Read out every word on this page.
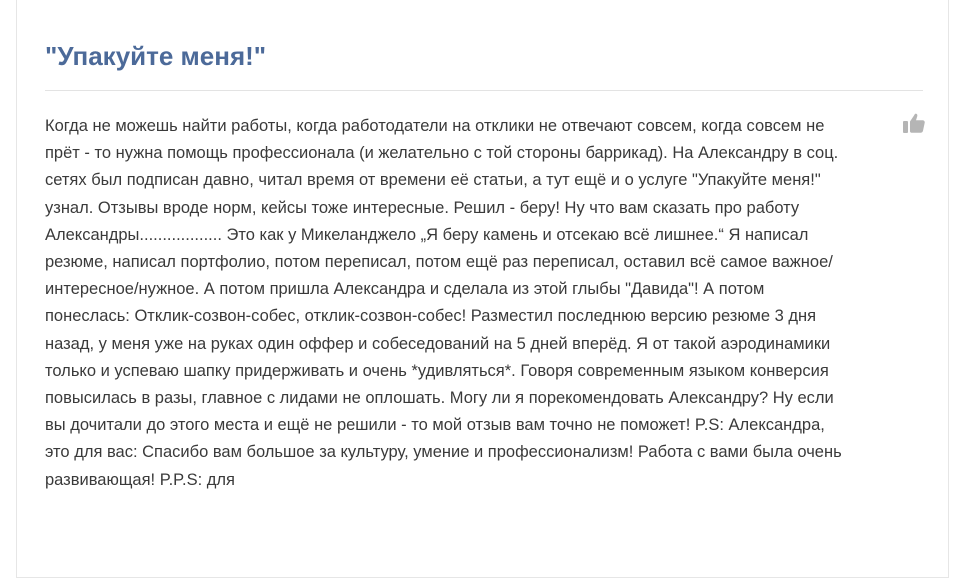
"Упакуйте меня!"

Когда не можешь найти работы, когда работодатели на отклики не отвечают совсем, когда совсем не прёт - то нужна помощь профессионала (и желательно с той стороны баррикад). На Александру в соц. сетях был подписан давно, читал время от времени её статьи, а тут ещё и о услуге "Упакуйте меня!" узнал. Отзывы вроде норм, кейсы тоже интересные. Решил - беру! Ну что вам сказать про работу Александры.................. Это как у Микеланджело „Я беру камень и отсекаю всё лишнее.“ Я написал резюме, написал портфолио, потом переписал, потом ещё раз переписал, оставил всё самое важное/интересное/нужное. А потом пришла Александра и сделала из этой глыбы "Давида"! А потом понеслась: Отклик-созвон-собес, отклик-созвон-собес! Разместил последнюю версию резюме 3 дня назад, у меня уже на руках один оффер и собеседований на 5 дней вперёд. Я от такой аэродинамики только и успеваю шапку придерживать и очень *удивляться*. Говоря современным языком конверсия повысилась в разы, главное с лидами не оплошать. Могу ли я порекомендовать Александру? Ну если вы дочитали до этого места и ещё не решили - то мой отзыв вам точно не поможет! P.S: Александра, это для вас: Спасибо вам большое за культуру, умение и профессионализм! Работа с вами была очень развивающая! P.P.S: для
